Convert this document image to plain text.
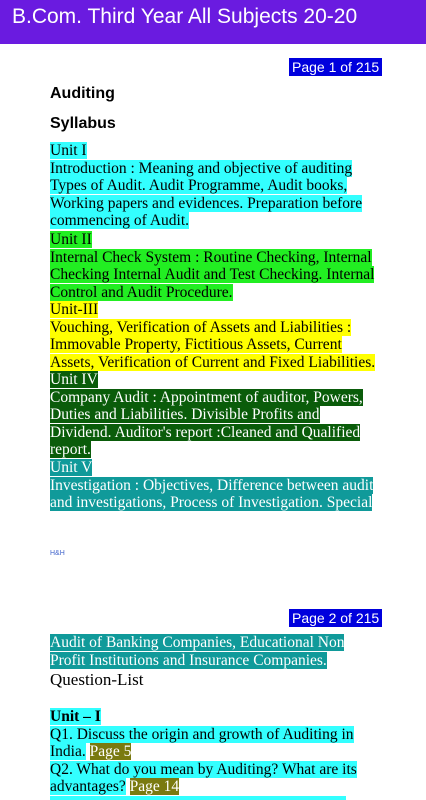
B.Com. Third Year All Subjects 20-20
Page 1 of 215
Auditing
Syllabus
Unit I
Introduction : Meaning and objective of auditing Types of Audit. Audit Programme, Audit books, Working papers and evidences. Preparation before commencing of Audit.
Unit II
Internal Check System : Routine Checking, Internal Checking Internal Audit and Test Checking. Internal Control and Audit Procedure.
Unit-III
Vouching, Verification of Assets and Liabilities : Immovable Property, Fictitious Assets, Current Assets, Verification of Current and Fixed Liabilities.
Unit IV
Company Audit : Appointment of auditor, Powers, Duties and Liabilities. Divisible Profits and Dividend. Auditor's report :Cleaned and Qualified report.
Unit V
Investigation : Objectives, Difference between audit and investigations, Process of Investigation. Special
H&H
Page 2 of 215
Audit of Banking Companies, Educational Non Profit Institutions and Insurance Companies.
Question-List
Unit – I
Q1. Discuss the origin and growth of Auditing in India. Page 5
Q2. What do you mean by Auditing? What are its advantages? Page 14
